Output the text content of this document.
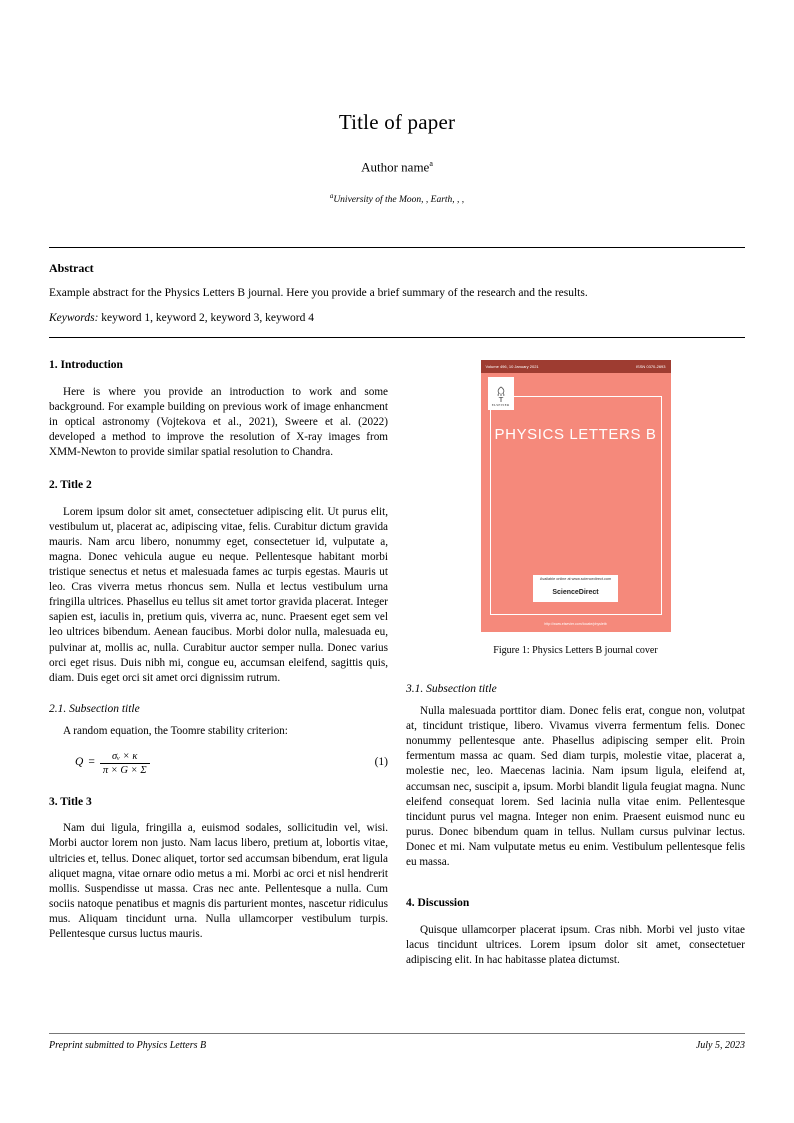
Title of paper
Author name$^a$
$^a$University of the Moon, , Earth, , ,
Abstract
Example abstract for the Physics Letters B journal. Here you provide a brief summary of the research and the results.
Keywords: keyword 1, keyword 2, keyword 3, keyword 4
1. Introduction

Here is where you provide an introduction to work and some background. For example building on previous work of image enhancment in optical astronomy (Vojtekova et al., 2021), Sweere et al. (2022) developed a method to improve the resolution of X-ray images from XMM-Newton to provide similar spatial resolution to Chandra.

2. Title 2

Lorem ipsum dolor sit amet, consectetuer adipiscing elit. Ut purus elit, vestibulum ut, placerat ac, adipiscing vitae, felis. Curabitur dictum gravida mauris. Nam arcu libero, nonummy eget, consectetuer id, vulputate a, magna. Donec vehicula augue eu neque. Pellentesque habitant morbi tristique senectus et netus et malesuada fames ac turpis egestas. Mauris ut leo. Cras viverra metus rhoncus sem. Nulla et lectus vestibulum urna fringilla ultrices. Phasellus eu tellus sit amet tortor gravida placerat. Integer sapien est, iaculis in, pretium quis, viverra ac, nunc. Praesent eget sem vel leo ultrices bibendum. Aenean faucibus. Morbi dolor nulla, malesuada eu, pulvinar at, mollis ac, nulla. Curabitur auctor semper nulla. Donec varius orci eget risus. Duis nibh mi, congue eu, accumsan eleifend, sagittis quis, diam. Duis eget orci sit amet orci dignissim rutrum.

2.1. Subsection title

A random equation, the Toomre stability criterion:

$Q = \frac{\text{σᵥ × κ}}{\pi \times G \times \Sigma}$	(1)
3. Title 3

Nam dui ligula, fringilla a, euismod sodales, sollicitudin vel, wisi. Morbi auctor lorem non justo. Nam lacus libero, pretium at, lobortis vitae, ultricies et, tellus. Donec aliquet, tortor sed accumsan bibendum, erat ligula aliquet magna, vitae ornare odio metus a mi. Morbi ac orci et nisl hendrerit mollis. Suspendisse ut massa. Cras nec ante. Pellentesque a nulla. Cum sociis natoque penatibus et magnis dis parturient montes, nascetur ridiculus mus. Aliquam tincidunt urna. Nulla ullamcorper vestibulum turpis. Pellentesque cursus luctus mauris.

Volume 496, 10 January 2021	ISSN 0370-2693
ELSEVIER
PHYSICS LETTERS B
Available online at www.sciencedirect.com
ScienceDirect
http://www.elsevier.com/locate/physletb
Figure 1: Physics Letters B journal cover
3.1. Subsection title

Nulla malesuada porttitor diam. Donec felis erat, congue non, volutpat at, tincidunt tristique, libero. Vivamus viverra fermentum felis. Donec nonummy pellentesque ante. Phasellus adipiscing semper elit. Proin fermentum massa ac quam. Sed diam turpis, molestie vitae, placerat a, molestie nec, leo. Maecenas lacinia. Nam ipsum ligula, eleifend at, accumsan nec, suscipit a, ipsum. Morbi blandit ligula feugiat magna. Nunc eleifend consequat lorem. Sed lacinia nulla vitae enim. Pellentesque tincidunt purus vel magna. Integer non enim. Praesent euismod nunc eu purus. Donec bibendum quam in tellus. Nullam cursus pulvinar lectus. Donec et mi. Nam vulputate metus eu enim. Vestibulum pellentesque felis eu massa.

4. Discussion

Quisque ullamcorper placerat ipsum. Cras nibh. Morbi vel justo vitae lacus tincidunt ultrices. Lorem ipsum dolor sit amet, consectetuer adipiscing elit. In hac habitasse platea dictumst.

Preprint submitted to Physics Letters B	July 5, 2023
